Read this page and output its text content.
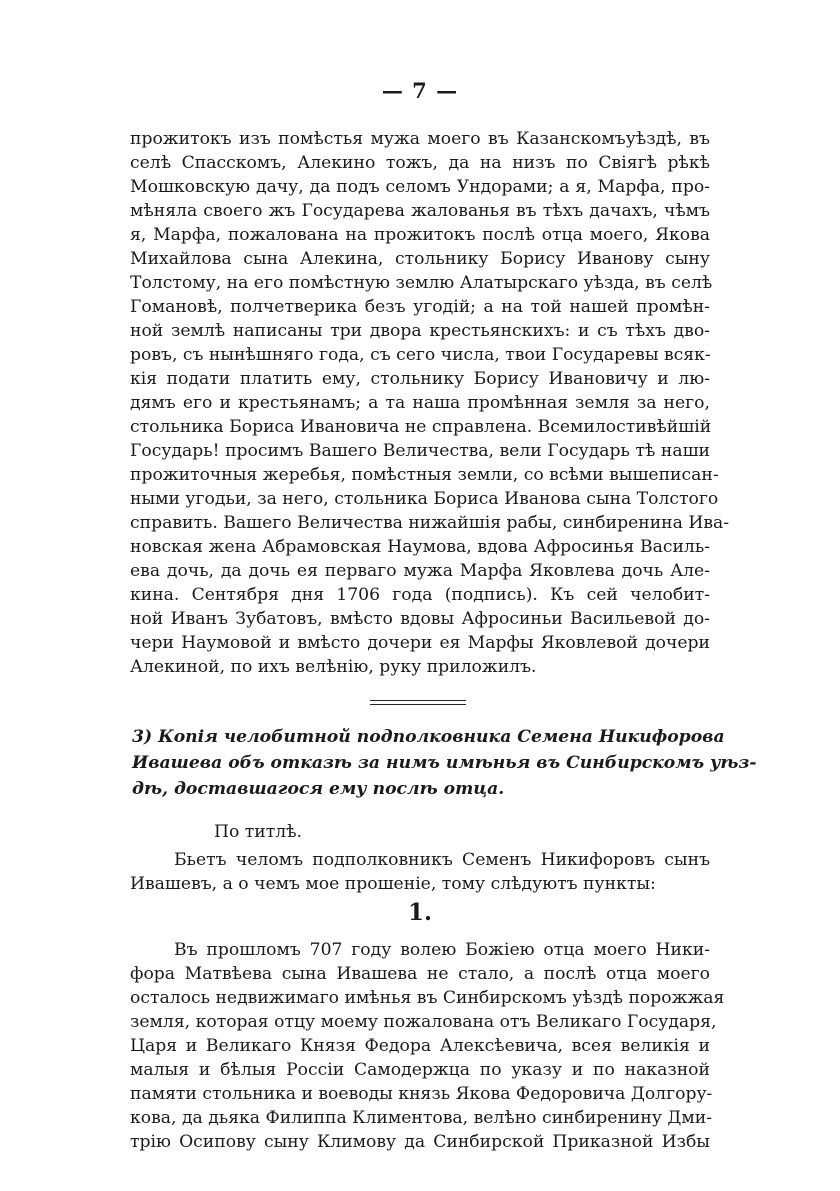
— 7 —
прожитокъ изъ помѣстья мужа моего въ Казанскомъуѣздѣ, въ
селѣ Спасскомъ, Алекино тожъ, да на низъ по Свіягѣ рѣкѣ
Мошковскую дачу, да подъ селомъ Ундорами; а я, Марфа, про-
мѣняла своего жъ Государева жалованья въ тѣхъ дачахъ, чѣмъ
я, Марфа, пожалована на прожитокъ послѣ отца моего, Якова
Михайлова сына Алекина, стольнику Борису Иванову сыну
Толстому, на его помѣстную землю Алатырскаго уѣзда, въ селѣ
Гомановѣ, полчетверика безъ угодій; а на той нашей промѣн-
ной землѣ написаны три двора крестьянскихъ: и съ тѣхъ дво-
ровъ, съ нынѣшняго года, съ сего числа, твои Государевы всяк-
кія подати платить ему, стольнику Борису Ивановичу и лю-
дямъ его и крестьянамъ; а та наша промѣнная земля за него,
стольника Бориса Ивановича не справлена. Всемилостивѣйшій
Государь! просимъ Вашего Величества, вели Государь тѣ наши
прожиточныя жеребья, помѣстныя земли, со всѣми вышеписан-
ными угодьи, за него, стольника Бориса Иванова сына Толстого
справить. Вашего Величества нижайшія рабы, синбиренина Ива-
новская жена Абрамовская Наумова, вдова Афросинья Василь-
ева дочь, да дочь ея перваго мужа Марфа Яковлева дочь Але-
кина. Сентября дня 1706 года (подпись). Къ сей челобит-
ной Иванъ Зубатовъ, вмѣсто вдовы Афросиньи Васильевой до-
чери Наумовой и вмѣсто дочери ея Марфы Яковлевой дочери
Алекиной, по ихъ велѣнію, руку приложилъ.
3) Копія челобитной подполковника Семена Никифорова
Ивашева объ отказѣ за нимъ имѣнья въ Синбирскомъ уѣз-
дѣ, доставшагося ему послѣ отца.
По титлѣ.
Бьетъ челомъ подполковникъ Семенъ Никифоровъ сынъ
Ивашевъ, а о чемъ мое прошеніе, тому слѣдуютъ пункты:
1.
Въ прошломъ 707 году волею Божіею отца моего Ники-
фора Матвѣева сына Ивашева не стало, а послѣ отца моего
осталось недвижимаго имѣнья въ Синбирскомъ уѣздѣ порожжая
земля, которая отцу моему пожалована отъ Великаго Государя,
Царя и Великаго Князя Федора Алексѣевича, всея великія и
малыя и бѣлыя Россіи Самодержца по указу и по наказной
памяти стольника и воеводы князь Якова Федоровича Долгору-
кова, да дьяка Филиппа Климентова, велѣно синбиренину Дми-
трію Осипову сыну Климову да Синбирской Приказной Избы
